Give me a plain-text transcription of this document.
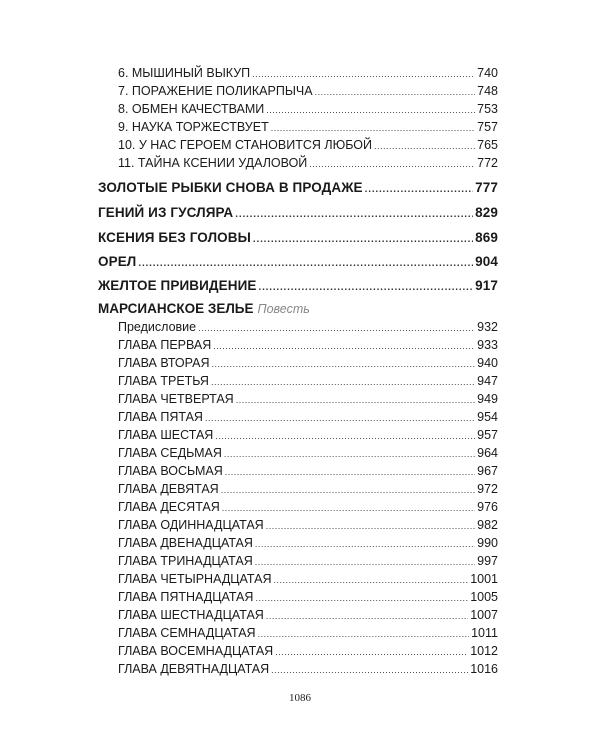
6. МЫШИНЫЙ ВЫКУП .....	740
7. ПОРАЖЕНИЕ ПОЛИКАРПЫЧА .....	748
8. ОБМЕН КАЧЕСТВАМИ .....	753
9. НАУКА ТОРЖЕСТВУЕТ .....	757
10. У НАС ГЕРОЕМ СТАНОВИТСЯ ЛЮБОЙ .....	765
11. ТАЙНА КСЕНИИ УДАЛОВОЙ .....	772
ЗОЛОТЫЕ РЫБКИ СНОВА В ПРОДАЖЕ .....	777
ГЕНИЙ ИЗ ГУСЛЯРА .....	829
КСЕНИЯ БЕЗ ГОЛОВЫ .....	869
ОРЕЛ .....	904
ЖЕЛТОЕ ПРИВИДЕНИЕ .....	917
МАРСИАНСКОЕ ЗЕЛЬЕ Повесть
Предисловие .....	932
ГЛАВА ПЕРВАЯ .....	933
ГЛАВА ВТОРАЯ .....	940
ГЛАВА ТРЕТЬЯ .....	947
ГЛАВА ЧЕТВЕРТАЯ .....	949
ГЛАВА ПЯТАЯ .....	954
ГЛАВА ШЕСТАЯ .....	957
ГЛАВА СЕДЬМАЯ .....	964
ГЛАВА ВОСЬМАЯ .....	967
ГЛАВА ДЕВЯТАЯ .....	972
ГЛАВА ДЕСЯТАЯ .....	976
ГЛАВА ОДИННАДЦАТАЯ .....	982
ГЛАВА ДВЕНАДЦАТАЯ .....	990
ГЛАВА ТРИНАДЦАТАЯ .....	997
ГЛАВА ЧЕТЫРНАДЦАТАЯ .....	1001
ГЛАВА ПЯТНАДЦАТАЯ .....	1005
ГЛАВА ШЕСТНАДЦАТАЯ .....	1007
ГЛАВА СЕМНАДЦАТАЯ .....	1011
ГЛАВА ВОСЕМНАДЦАТАЯ .....	1012
ГЛАВА ДЕВЯТНАДЦАТАЯ .....	1016
1086
